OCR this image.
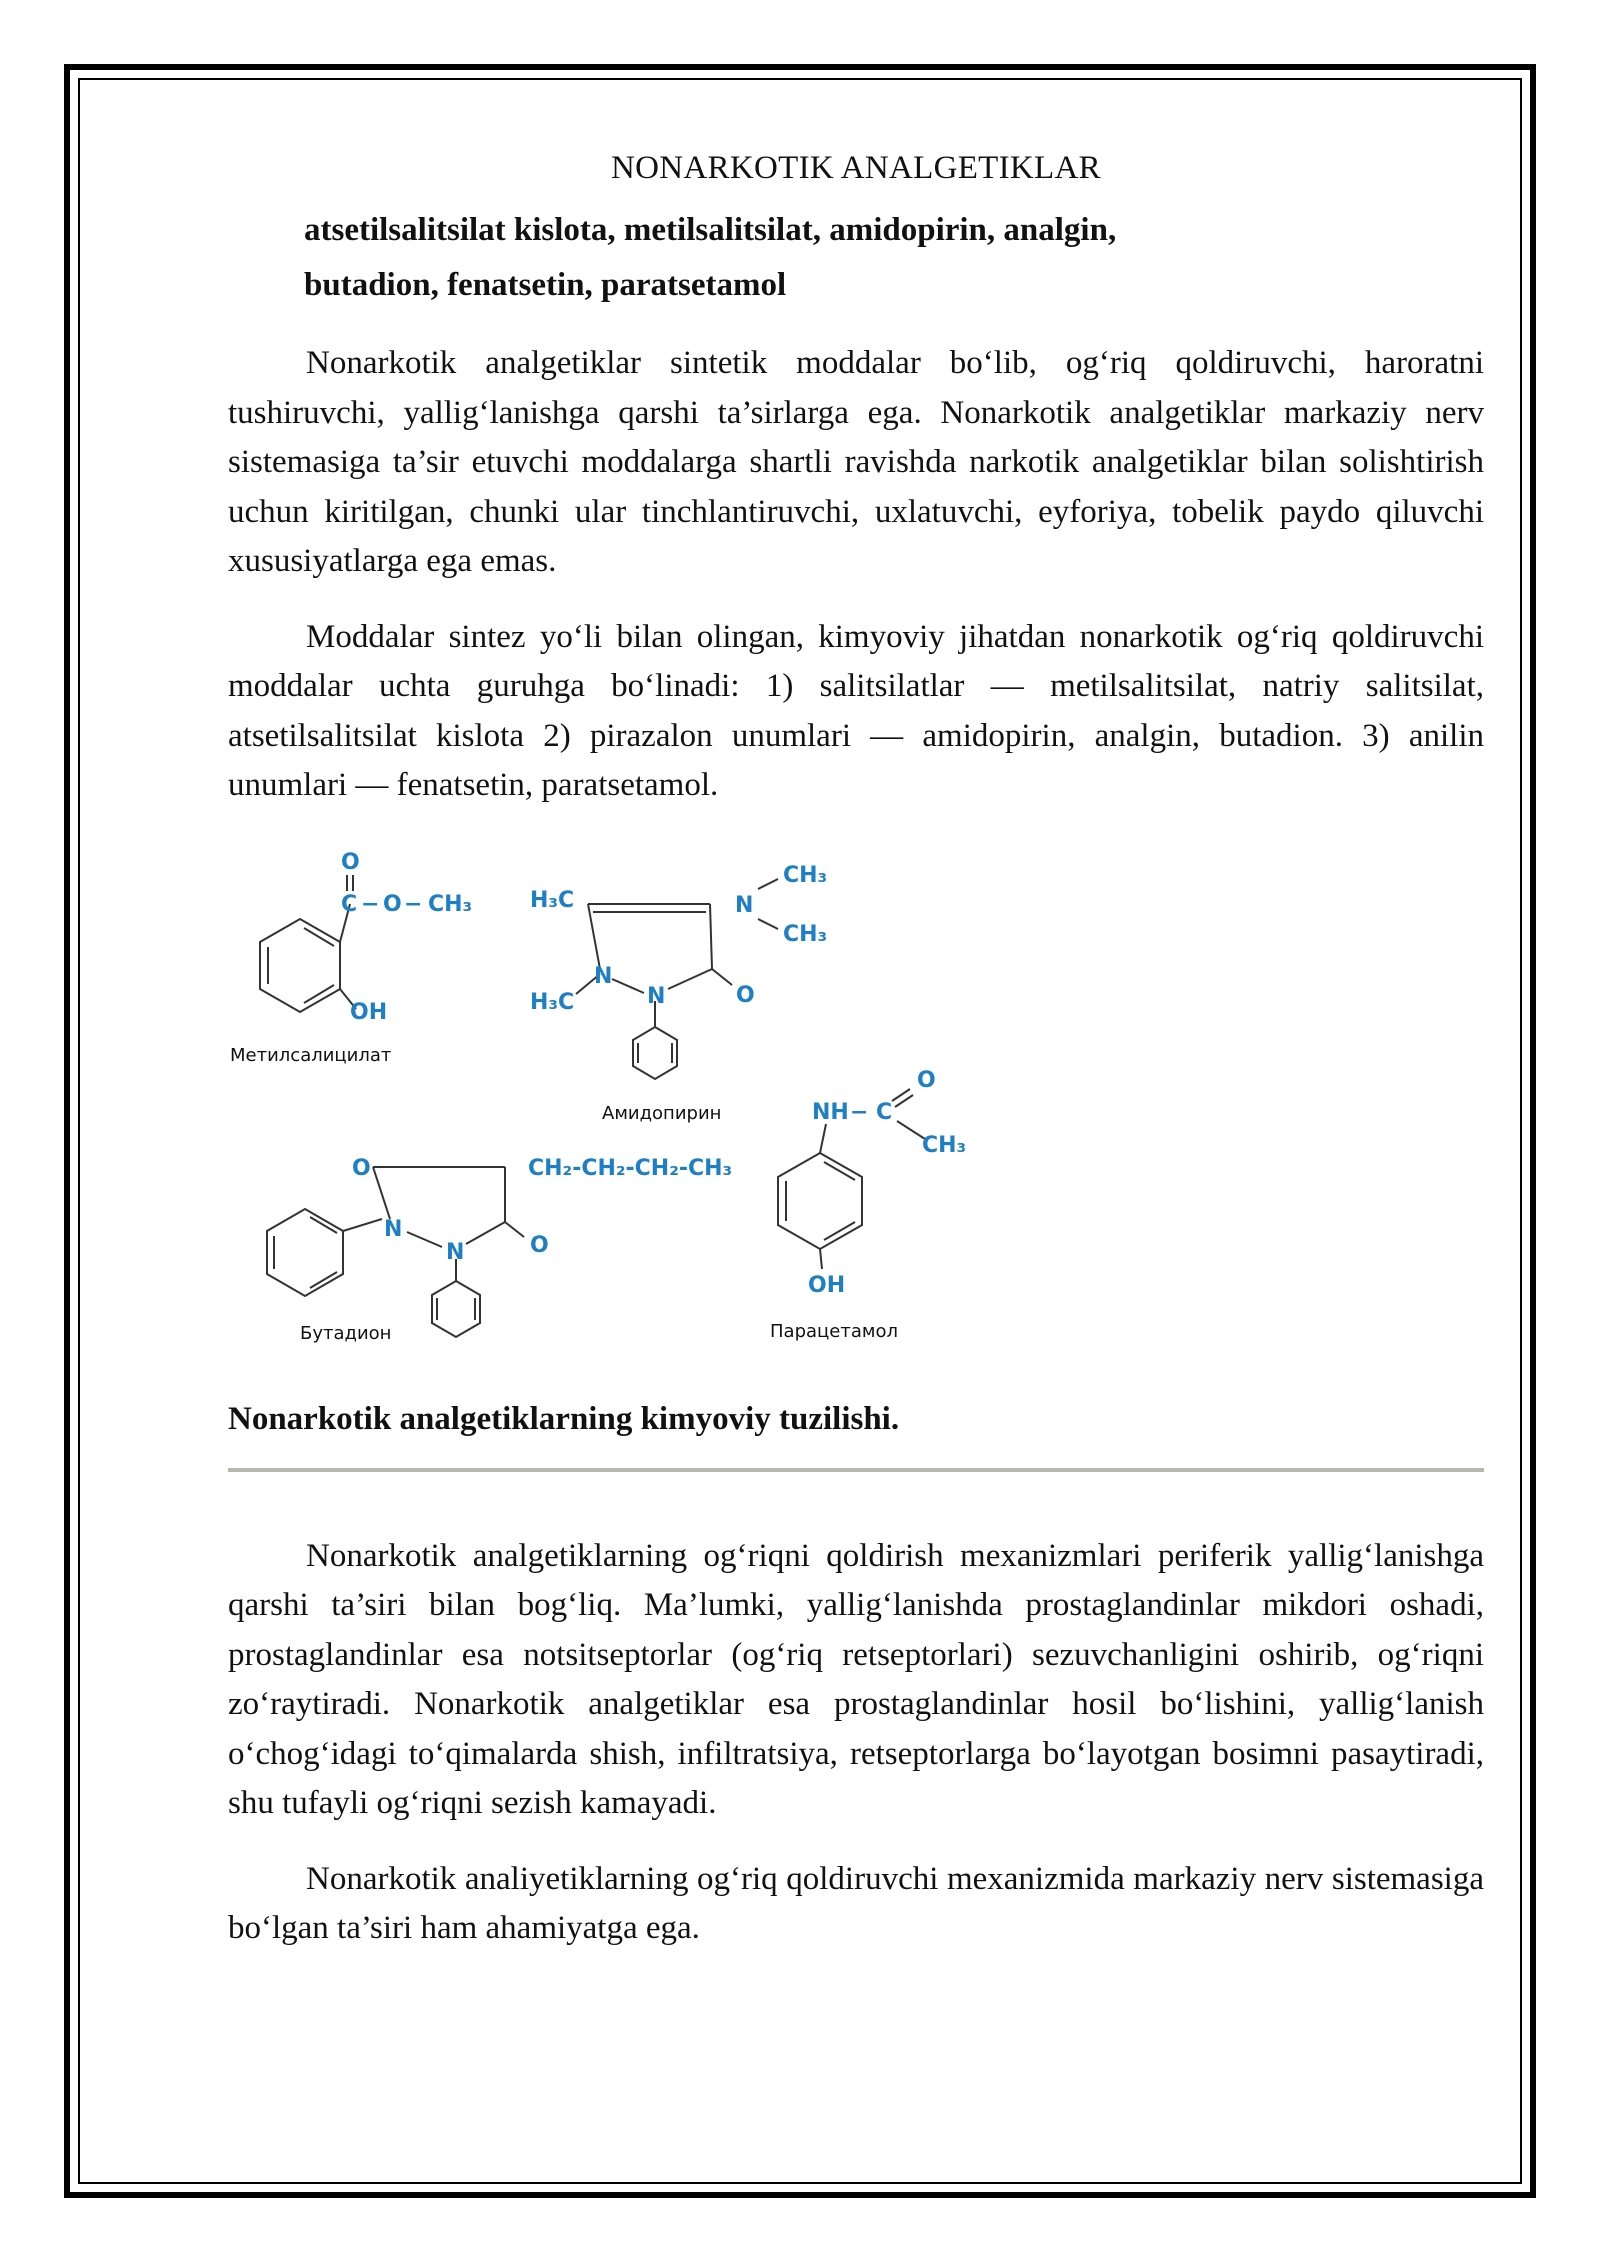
NONARKOTIK ANALGETIKLAR

atsetilsalitsilat kislota, metilsalitsilat, amidopirin, analgin,
butadion, fenatsetin, paratsetamol

Nonarkotik analgetiklar sintetik moddalar bo‘lib, og‘riq qoldiruvchi, haroratni tushiruvchi, yallig‘lanishga qarshi ta’sirlarga ega. Nonarkotik analgetiklar markaziy nerv sistemasiga ta’sir etuvchi moddalarga shartli ravishda narkotik analgetiklar bilan solishtirish uchun kiritilgan, chunki ular tinchlantiruvchi, uxlatuvchi, eyforiya, tobelik paydo qiluvchi xususiyatlarga ega emas.

Moddalar sintez yo‘li bilan olingan, kimyoviy jihatdan nonarkotik og‘riq qoldiruvchi moddalar uchta guruhga bo‘linadi: 1) salitsilatlar — metilsalitsilat, natriy salitsilat, atsetilsalitsilat kislota 2) pirazalon unumlari — amidopirin, analgin, butadion. 3) anilin unumlari — fenatsetin, paratsetamol.

O
C − O − CH₃
OH
Метилсалицилат
H₃C	N
CH₃
CH₃
N
N	O
H₃C
Амидопирин
O	CH₂-CH₂-CH₂-CH₃
N
N	O
Бутадион
NH − C
O
CH₃
OH
Парацетамол

Nonarkotik analgetiklarning kimyoviy tuzilishi.

Nonarkotik analgetiklarning og‘riqni qoldirish mexanizmlari periferik yallig‘lanishga qarshi ta’siri bilan bog‘liq. Ma’lumki, yallig‘lanishda prostaglandinlar mikdori oshadi, prostaglandinlar esa notsitseptorlar (og‘riq retseptorlari) sezuvchanligini oshirib, og‘riqni zo‘raytiradi. Nonarkotik analgetiklar esa prostaglandinlar hosil bo‘lishini, yallig‘lanish o‘chog‘idagi to‘qimalarda shish, infiltratsiya, retseptorlarga bo‘layotgan bosimni pasaytiradi, shu tufayli og‘riqni sezish kamayadi.

Nonarkotik analiyetiklarning og‘riq qoldiruvchi mexanizmida markaziy nerv sistemasiga bo‘lgan ta’siri ham ahamiyatga ega.
